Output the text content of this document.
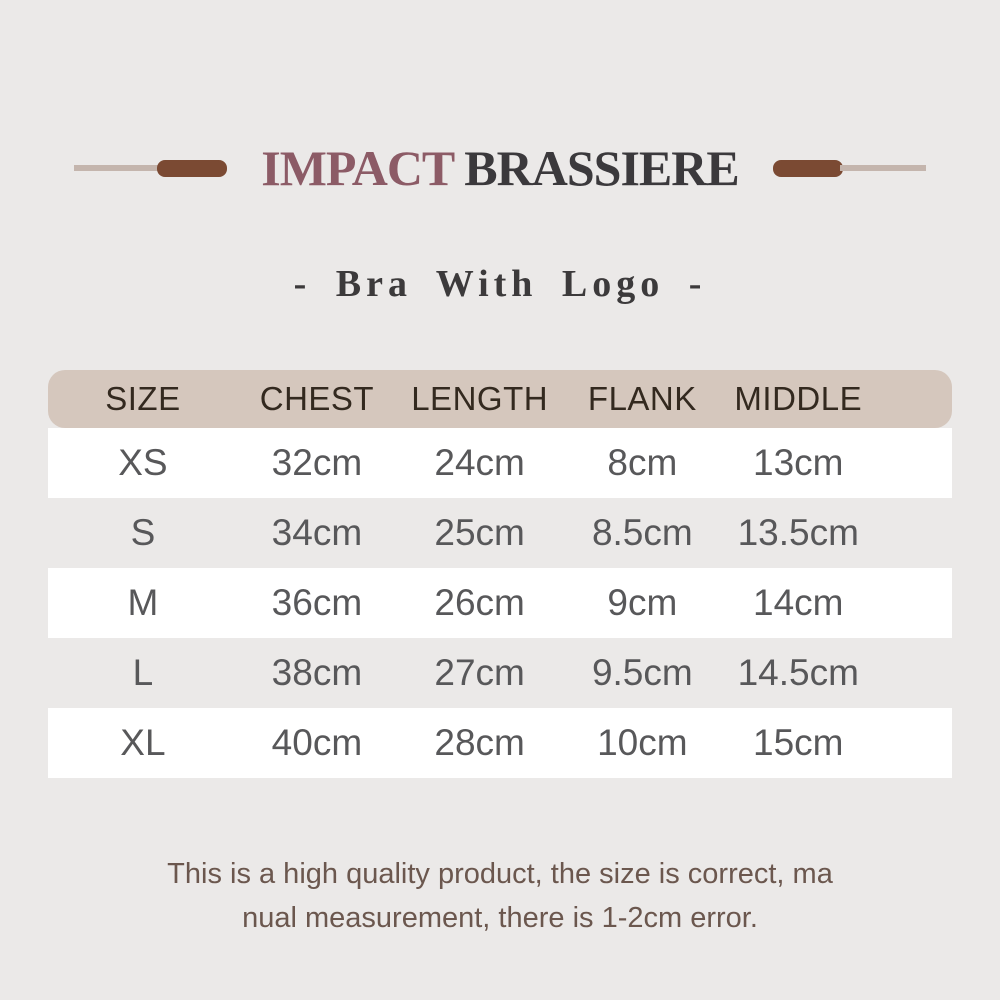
IMPACT BRASSIERE
- Bra With Logo -
SIZE	CHEST	LENGTH	FLANK	MIDDLE
XS	32cm	24cm	8cm	13cm
S	34cm	25cm	8.5cm	13.5cm
M	36cm	26cm	9cm	14cm
L	38cm	27cm	9.5cm	14.5cm
XL	40cm	28cm	10cm	15cm
This is a high quality product, the size is correct, ma
nual measurement, there is 1-2cm error.
